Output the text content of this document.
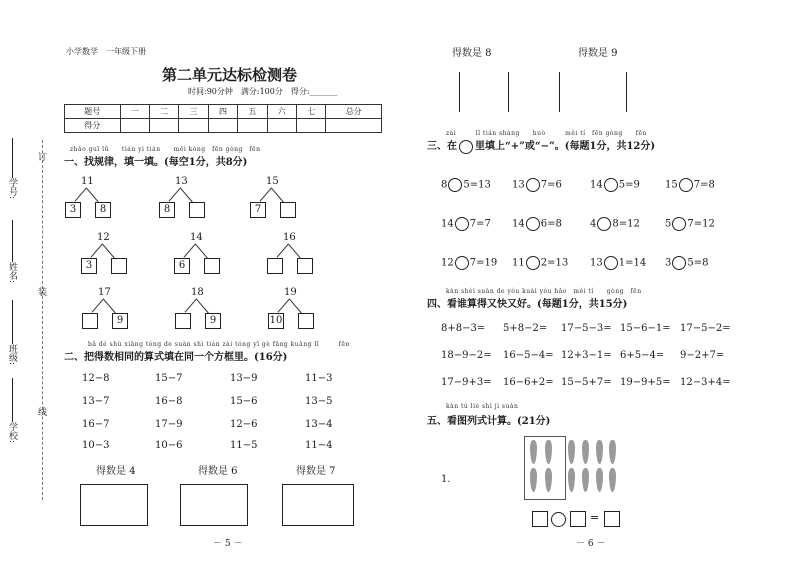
订
装
线
学号:
姓名:
班级:
学校:
小学数学　一年级下册
第二单元达标检测卷
时间:90分钟　满分:100分　得分:_______
题号	一	二	三	四	五	六	七	总分
得分								
zhǎo guī lǜ　　tián yi tián　　měi kòng　fēn gòng　fēn
一、找规律，填一填。(每空1分，共8分)
11
3	8
13
8
15
7
12
3
14
6
16
17
9
18
9
19
10
bǎ dé shù xiāng tóng de suàn shì tián zài tóng yī gè fāng kuāng lǐ　　　fēn
二、把得数相同的算式填在同一个方框里。(16分)
12−8	15−7	13−9	11−3
13−7	16−8	15−6	13−5
16−7	17−9	12−6	13−4
10−3	10−6	11−5	11−4
得数是 4	得数是 6	得数是 7
－ 5 －
得数是 8	得数是 9
zài　　　lǐ tián shàng　　huò　　　měi tí　fēn gòng　　fēn
三、在 里填上“+”或“−”。(每题1分，共12分)
8 5=13 13 7=6	14 5=9	15 7=8
14 7=7 14 6=8	4 8=12	5 7=12
12 7=19 11 2=13 13 1=14 3 5=8
kàn shéi suàn de yòu kuài yòu hǎo　měi tí　　gòng　fēn
四、看谁算得又快又好。(每题1分，共15分)
8+8−3= 5+8−2= 17−5−3= 15−6−1= 17−5−2=
18−9−2= 16−5−4= 12+3−1= 6+5−4= 9−2+7=
17−9+3= 16−6+2= 15−5+7= 19−9+5= 12−3+4=
kàn tú liè shì jì suàn
五、看图列式计算。(21分)
1.
=
－ 6 －
